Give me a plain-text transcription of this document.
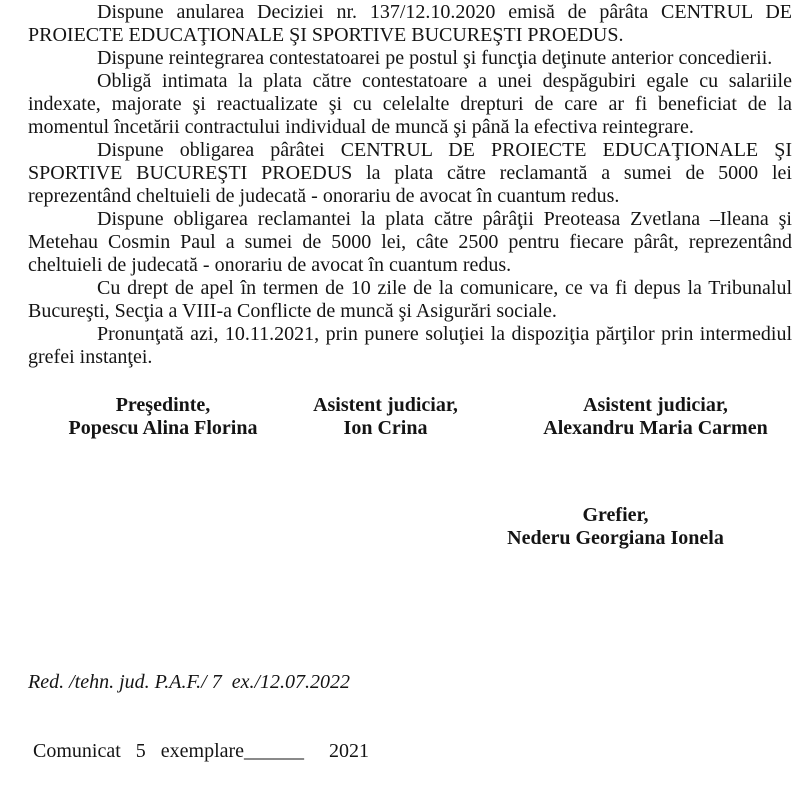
Dispune anularea Deciziei nr. 137/12.10.2020 emisă de pârâta CENTRUL DE PROIECTE EDUCAŢIONALE ŞI SPORTIVE BUCUREŞTI PROEDUS.

Dispune reintegrarea contestatoarei pe postul şi funcţia deţinute anterior concedierii.

Obligă intimata la plata către contestatoare a unei despăgubiri egale cu salariile indexate, majorate şi reactualizate şi cu celelalte drepturi de care ar fi beneficiat de la momentul încetării contractului individual de muncă şi până la efectiva reintegrare.

Dispune obligarea pârâtei CENTRUL DE PROIECTE EDUCAŢIONALE ŞI SPORTIVE BUCUREŞTI PROEDUS la plata către reclamantă a sumei de 5000 lei reprezentând cheltuieli de judecată - onorariu de avocat în cuantum redus.

Dispune obligarea reclamantei la plata către pârâţii Preoteasa Zvetlana –Ileana şi Metehau Cosmin Paul a sumei de 5000 lei, câte 2500 pentru fiecare pârât, reprezentând cheltuieli de judecată - onorariu de avocat în cuantum redus.

Cu drept de apel în termen de 10 zile de la comunicare, ce va fi depus la Tribunalul Bucureşti, Secţia a VIII-a Conflicte de muncă şi Asigurări sociale.

Pronunţată azi, 10.11.2021, prin punere soluţiei la dispoziţia părţilor prin intermediul grefei instanţei.

Preşedinte,
Popescu Alina Florina
Asistent judiciar,
Ion Crina
Asistent judiciar,
Alexandru Maria Carmen
Grefier,
Nederu Georgiana Ionela

Red. /tehn. jud. P.A.F./ 7  ex./12.07.2022

Comunicat   5   exemplare______     2021
